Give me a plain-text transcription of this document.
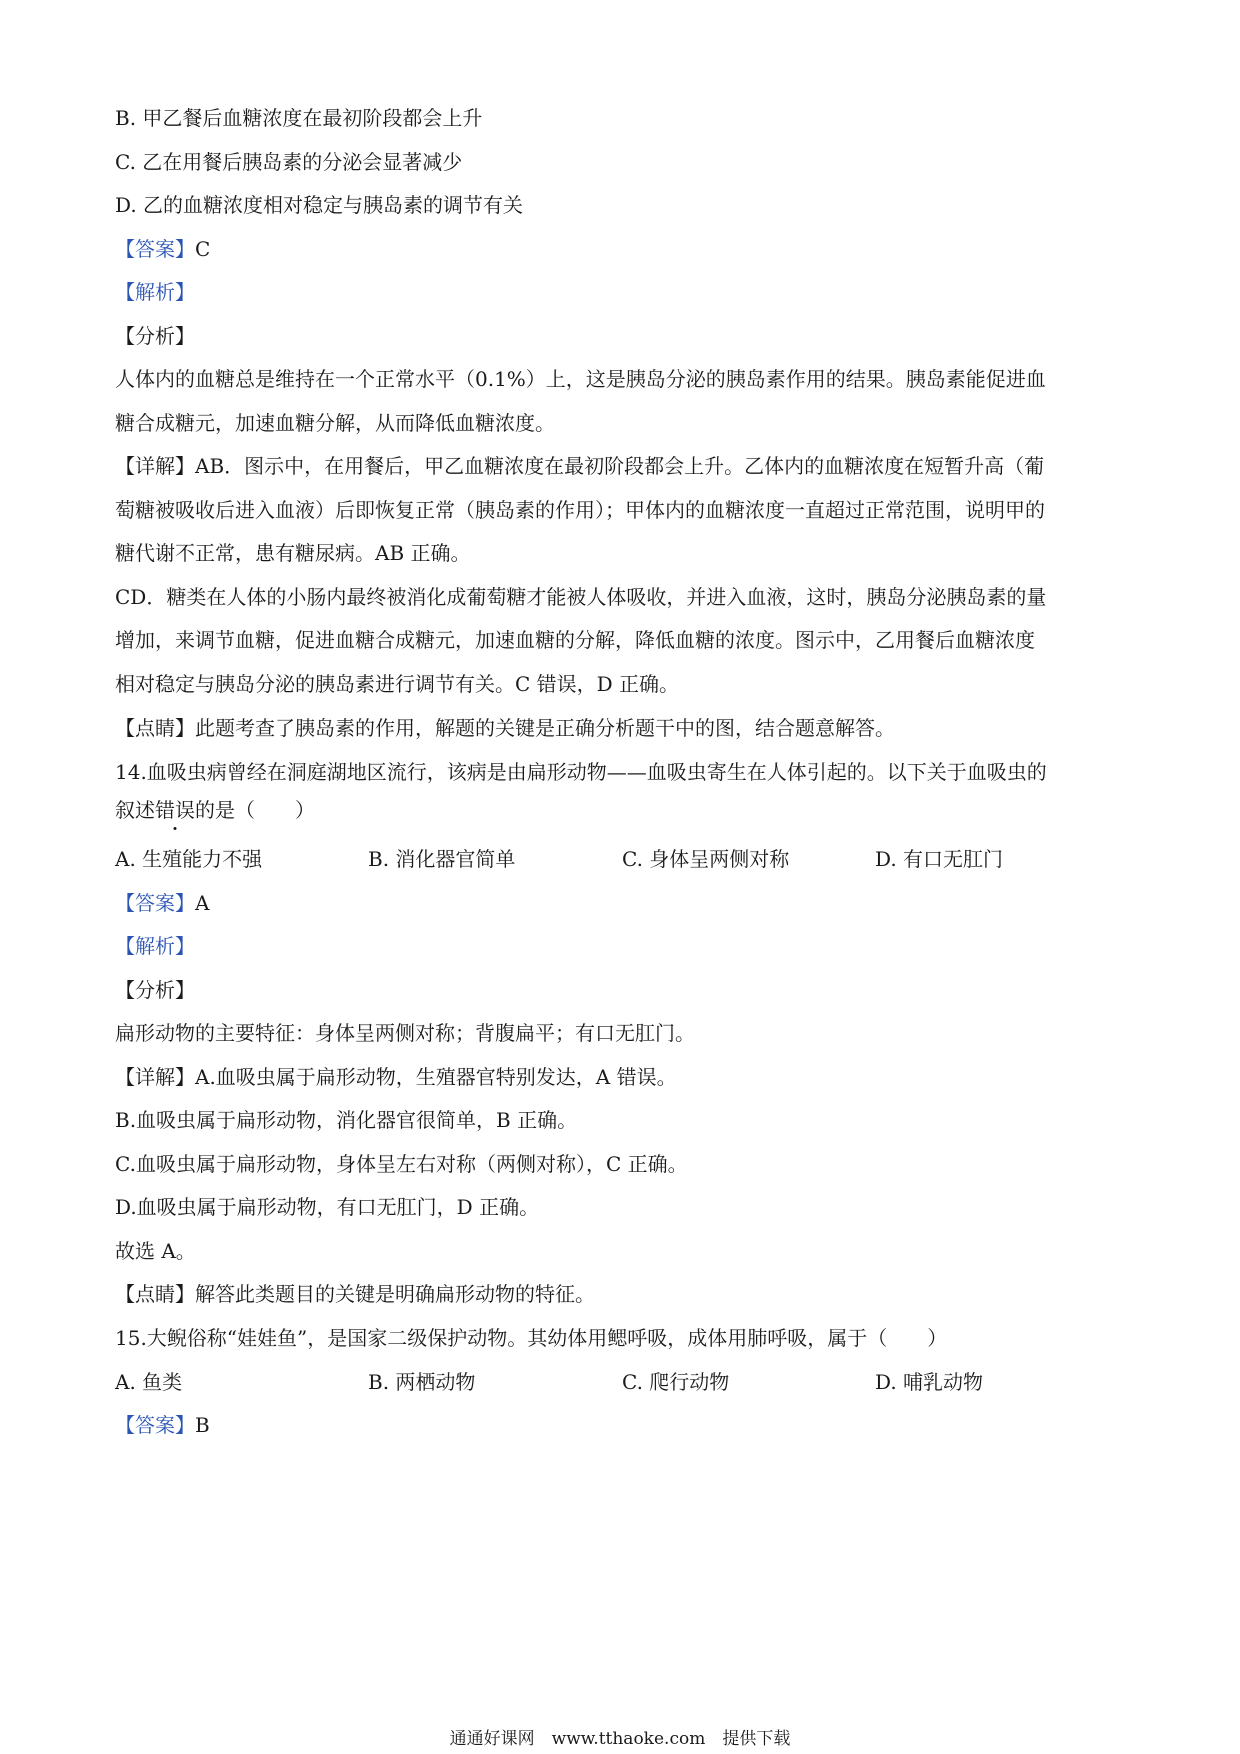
B. 甲乙餐后血糖浓度在最初阶段都会上升
C. 乙在用餐后胰岛素的分泌会显著减少
D. 乙的血糖浓度相对稳定与胰岛素的调节有关
【答案】C
【解析】
【分析】
人体内的血糖总是维持在一个正常水平（0.1%）上，这是胰岛分泌的胰岛素作用的结果。胰岛素能促进血
糖合成糖元，加速血糖分解，从而降低血糖浓度。
【详解】AB．图示中，在用餐后，甲乙血糖浓度在最初阶段都会上升。乙体内的血糖浓度在短暂升高（葡
萄糖被吸收后进入血液）后即恢复正常（胰岛素的作用）；甲体内的血糖浓度一直超过正常范围，说明甲的
糖代谢不正常，患有糖尿病。AB 正确。
CD．糖类在人体的小肠内最终被消化成葡萄糖才能被人体吸收，并进入血液，这时，胰岛分泌胰岛素的量
增加，来调节血糖，促进血糖合成糖元，加速血糖的分解，降低血糖的浓度。图示中，乙用餐后血糖浓度
相对稳定与胰岛分泌的胰岛素进行调节有关。C 错误，D 正确。
【点睛】此题考查了胰岛素的作用，解题的关键是正确分析题干中的图，结合题意解答。
14.血吸虫病曾经在洞庭湖地区流行，该病是由扁形动物——血吸虫寄生在人体引起的。以下关于血吸虫的
叙述错误的是（　　）
A. 生殖能力不强	B. 消化器官简单	C. 身体呈两侧对称	D. 有口无肛门
【答案】A
【解析】
【分析】
扁形动物的主要特征：身体呈两侧对称；背腹扁平；有口无肛门。
【详解】A.血吸虫属于扁形动物，生殖器官特别发达，A 错误。
B.血吸虫属于扁形动物，消化器官很简单，B 正确。
C.血吸虫属于扁形动物，身体呈左右对称（两侧对称），C 正确。
D.血吸虫属于扁形动物，有口无肛门，D 正确。
故选 A。
【点睛】解答此类题目的关键是明确扁形动物的特征。
15.大鲵俗称“娃娃鱼”，是国家二级保护动物。其幼体用鳃呼吸，成体用肺呼吸，属于（　　）
A. 鱼类	B. 两栖动物	C. 爬行动物	D. 哺乳动物
【答案】B
通通好课网　www.tthaoke.com　提供下载
